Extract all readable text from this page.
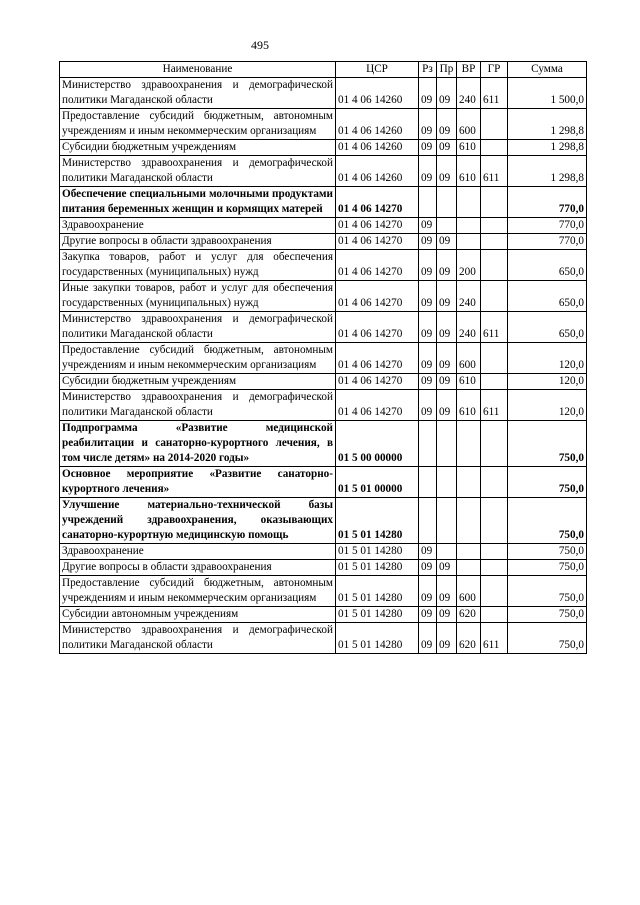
495
Наименование	ЦСР	Рз	Пр	ВР	ГР	Сумма
Министерство здравоохранения и демографической политики Магаданской области	01 4 06 14260	09	09	240	611	1 500,0
Предоставление субсидий бюджетным, автономным учреждениям и иным некоммерческим организациям	01 4 06 14260	09	09	600		1 298,8
Субсидии бюджетным учреждениям	01 4 06 14260	09	09	610		1 298,8
Министерство здравоохранения и демографической политики Магаданской области	01 4 06 14260	09	09	610	611	1 298,8
Обеспечение специальными молочными продуктами питания беременных женщин и кормящих матерей	01 4 06 14270					770,0
Здравоохранение	01 4 06 14270	09				770,0
Другие вопросы в области здравоохранения	01 4 06 14270	09	09			770,0
Закупка товаров, работ и услуг для обеспечения государственных (муниципальных) нужд	01 4 06 14270	09	09	200		650,0
Иные закупки товаров, работ и услуг для обеспечения государственных (муниципальных) нужд	01 4 06 14270	09	09	240		650,0
Министерство здравоохранения и демографической политики Магаданской области	01 4 06 14270	09	09	240	611	650,0
Предоставление субсидий бюджетным, автономным учреждениям и иным некоммерческим организациям	01 4 06 14270	09	09	600		120,0
Субсидии бюджетным учреждениям	01 4 06 14270	09	09	610		120,0
Министерство здравоохранения и демографической политики Магаданской области	01 4 06 14270	09	09	610	611	120,0
Подпрограмма «Развитие медицинской реабилитации и санаторно-курортного лечения, в том числе детям» на 2014-2020 годы»	01 5 00 00000					750,0
Основное мероприятие «Развитие санаторно-курортного лечения»	01 5 01 00000					750,0
Улучшение материально-технической базы учреждений здравоохранения, оказывающих санаторно-курортную медицинскую помощь	01 5 01 14280					750,0
Здравоохранение	01 5 01 14280	09				750,0
Другие вопросы в области здравоохранения	01 5 01 14280	09	09			750,0
Предоставление субсидий бюджетным, автономным учреждениям и иным некоммерческим организациям	01 5 01 14280	09	09	600		750,0
Субсидии автономным учреждениям	01 5 01 14280	09	09	620		750,0
Министерство здравоохранения и демографической политики Магаданской области	01 5 01 14280	09	09	620	611	750,0
